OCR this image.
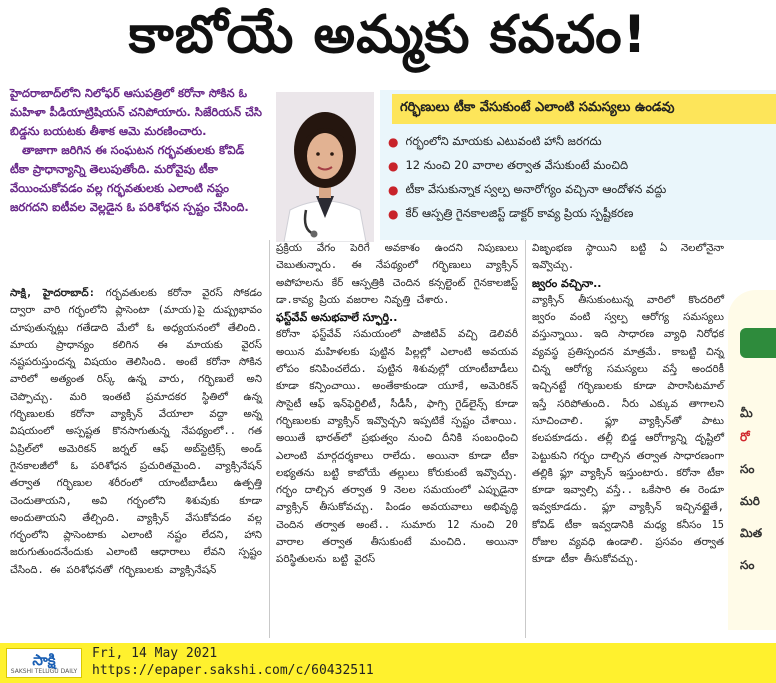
కాబోయే అమ్మకు కవచం!

హైదరాబాద్‌లోని నిలోఫర్ ఆసుపత్రిలో కరోనా సోకిన ఓ మహిళా పీడియాట్రిషియన్ చనిపోయారు. సిజేరియన్ చేసి బిడ్డను బయటకు తీశాక ఆమె మరణించారు.

తాజాగా జరిగిన ఈ సంఘటన గర్భవతులకు కోవిడ్ టీకా ప్రాధాన్యాన్ని తెలుపుతోంది. మరోవైపు టీకా వేయించుకోవడం వల్ల గర్భవతులకు ఎలాంటి నష్టం జరగదని ఐటీవల వెల్లడైన ఓ పరిశోధన స్పష్టం చేసింది.

గర్భిణులు టీకా వేసుకుంటే ఎలాంటి సమస్యలు ఉండవు
● గర్భంలోని మాయకు ఎటువంటి హానీ జరగదు
● 12 నుంచి 20 వారాల తర్వాత వేసుకుంటే మంచిది
● టీకా వేసుకున్నాక స్వల్ప అనారోగ్యం వచ్చినా ఆందోళన వద్దు
● కేర్ ఆస్పత్రి గైనకాలజిస్ట్ డాక్టర్ కావ్య ప్రియ స్పష్టీకరణ

సాక్షి, హైదరాబాద్: గర్భవతులకు కరోనా వైరస్ సోకడం ద్వారా వారి గర్భంలోని ప్లాసెంటా (మాయ)పై దుష్ప్రభావం చూపుతున్నట్లు గతేడాది మేలో ఓ అధ్యయనంలో తేలింది. మాయ ప్రాధాన్యం కలిగిన ఈ మాయకు వైరస్ నష్టపరుస్తుందన్న విషయం తెలిసింది. అంటే కరోనా సోకిన వారిలో అత్యంత రిస్క్ ఉన్న వారు, గర్భిణులే అని చెప్పొచ్చు. మరి ఇంతటి ప్రమాదకర స్థితిలో ఉన్న గర్భిణులకు కరోనా వ్యాక్సిన్ వేయాలా వద్దా అన్న విషయంలో అస్పష్టత కొనసాగుతున్న నేపథ్యంలో.. గత ఏప్రిల్‌లో అమెరికన్ జర్నల్ ఆఫ్ అబ్‌స్టెట్రిక్స్ అండ్ గైనకాలజీలో ఓ పరిశోధన ప్రచురితమైంది. వ్యాక్సినేషన్ తర్వాత గర్భిణుల శరీరంలో యాంటీబాడీలు ఉత్పత్తి చెందుతాయని, అవి గర్భంలోని శిశువుకు కూడా అందుతాయని తేల్చింది. వ్యాక్సిన్ వేసుకోవడం వల్ల గర్భంలోని ప్లాసెంటాకు ఎలాంటి నష్టం లేదని, హాని జరుగుతుందనేందుకు ఎలాంటి ఆధారాలు లేవని స్పష్టం చేసింది. ఈ పరిశోధనతో గర్భిణులకు వ్యాక్సినేషన్

ప్రక్రియ వేగం పెరిగే అవకాశం ఉందని నిపుణులు చెబుతున్నారు. ఈ నేపథ్యంలో గర్భిణులు వ్యాక్సిన్ అపోహలను కేర్ ఆస్పత్రికి చెందిన కన్సల్టెంట్ గైనకాలజిస్ట్ డా.కావ్య ప్రియ వజరాల నివృత్తి చేశారు.

ఫస్ట్‌వేవ్ అనుభవాలే స్ఫూర్తి..

కరోనా ఫస్ట్‌వేవ్ సమయంలో పాజిటివ్ వచ్చి డెలివరీ అయిన మహిళలకు పుట్టిన పిల్లల్లో ఎలాంటి అవయవ లోపం కనిపించలేదు. పుట్టిన శిశువుల్లో యాంటీబాడీలు కూడా కన్పించాయి. అంతేకాకుండా యూకే, అమెరికన్ సొసైటీ ఆఫ్ ఇన్‌ఫెర్టిలిటీ, సీడీసీ, ఫాగ్సి గైడ్‌లైన్స్ కూడా గర్భిణులకు వ్యాక్సిన్ ఇవ్వొచ్చని ఇప్పటికే స్పష్టం చేశాయి. అయితే భారత్‌లో ప్రభుత్వం నుంచి దీనికి సంబంధించి ఎలాంటి మార్గదర్శకాలు రాలేదు. అయినా కూడా టీకా లభ్యతను బట్టి కాబోయే తల్లులు కోరుకుంటే ఇవ్వొచ్చు. గర్భం దాల్చిన తర్వాత 9 నెలల సమయంలో ఎప్పుడైనా వ్యాక్సిన్ తీసుకోవచ్చు. పిండం అవయవాలు అభివృద్ధి చెందిన తర్వాత అంటే.. సుమారు 12 నుంచి 20 వారాల తర్వాత తీసుకుంటే మంచిది. అయినా పరిస్థితులను బట్టి వైరస్

విజృంభణ స్థాయిని బట్టి ఏ నెలలోనైనా ఇవ్వొచ్చు.

జ్వరం వచ్చినా..

వ్యాక్సిన్ తీసుకుంటున్న వారిలో కొందరిలో జ్వరం వంటి స్వల్ప ఆరోగ్య సమస్యలు వస్తున్నాయి. ఇది సాధారణ వ్యాధి నిరోధక వ్యవస్థ ప్రతిస్పందన మాత్రమే. కాబట్టి చిన్న చిన్న ఆరోగ్య సమస్యలు వస్తే అందరికీ ఇచ్చినట్టే గర్భిణులకు కూడా పారాసిటమాల్ ఇస్తే సరిపోతుంది. నీరు ఎక్కువ తాగాలని సూచించాలి. ఫ్లూ వ్యాక్సిన్‌తో పాటు కలపకూడదు. తల్లీ బిడ్డ ఆరోగ్యాన్ని దృష్టిలో పెట్టుకుని గర్భం దాల్చిన తర్వాత సాధారణంగా తల్లికి ఫ్లూ వ్యాక్సిన్ ఇస్తుంటారు. కరోనా టీకా కూడా ఇవ్వాల్సి వస్తే.. ఒకేసారి ఈ రెండూ ఇవ్వకూడదు. ఫ్లూ వ్యాక్సిన్ ఇచ్చినట్టైతే, కోవిడ్ టీకా ఇవ్వడానికి మధ్య కనీసం 15 రోజుల వ్యవధి ఉండాలి. ప్రసవం తర్వాత కూడా టీకా తీసుకోవచ్చు.

మీ
రో
సం
మరి
మిత
సం
సాక్షి
SAKSHI TELUGU DAILY
Fri, 14 May 2021
https://epaper.sakshi.com/c/60432511
